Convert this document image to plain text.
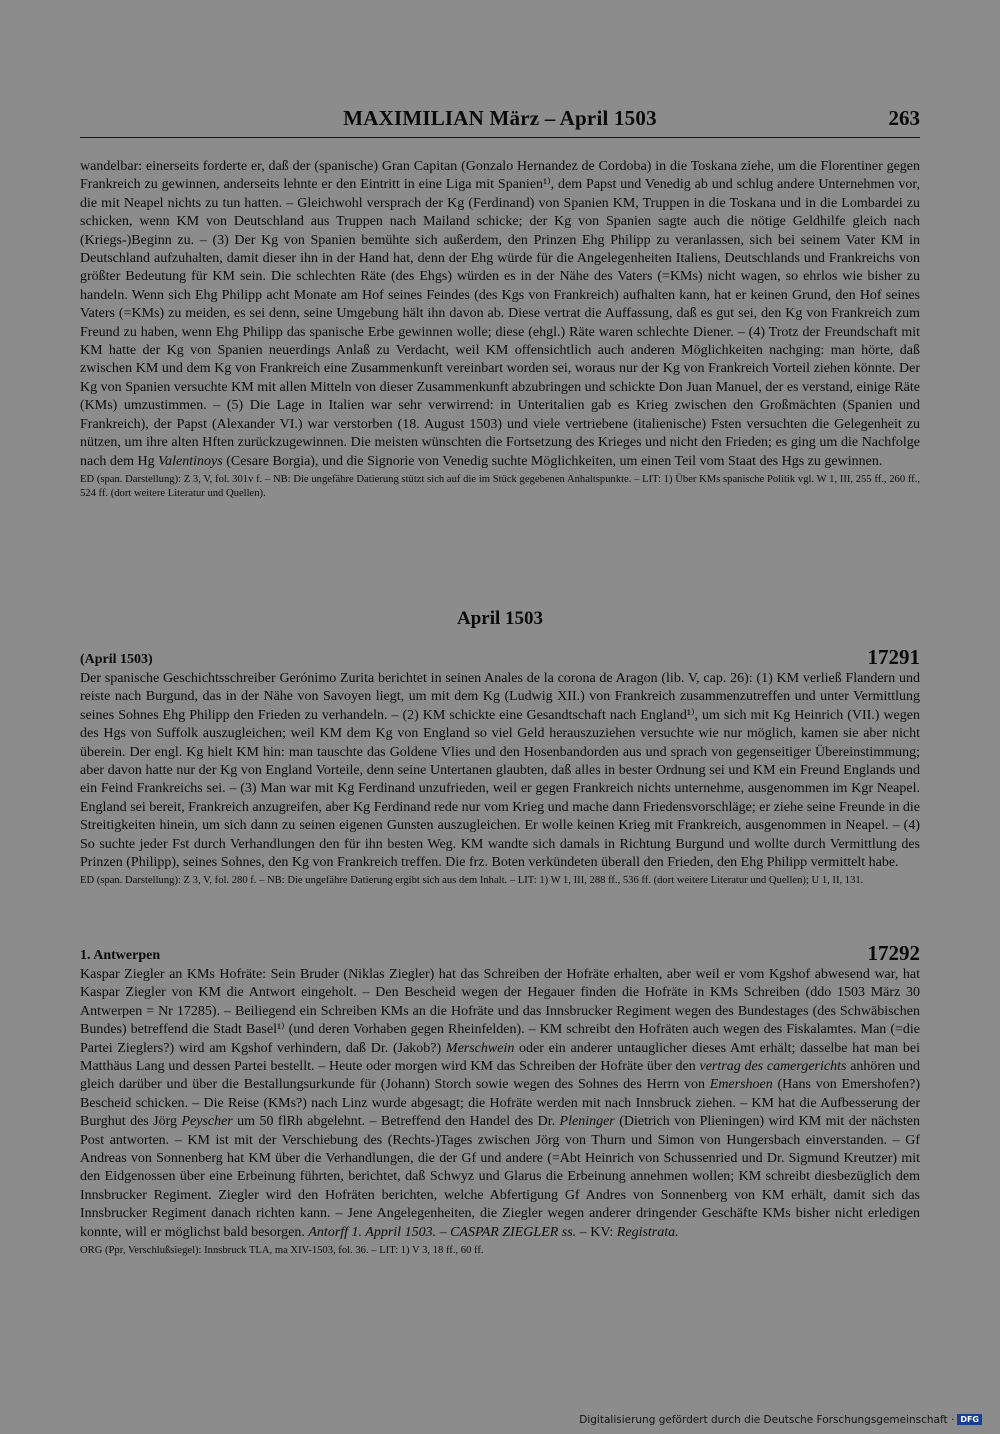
MAXIMILIAN März – April 1503	263

wandelbar: einerseits forderte er, daß der (spanische) Gran Capitan (Gonzalo Hernandez de Cordoba) in die Toskana ziehe, um die Florentiner gegen Frankreich zu gewinnen, anderseits lehnte er den Eintritt in eine Liga mit Spanien¹⁾, dem Papst und Venedig ab und schlug andere Unternehmen vor, die mit Neapel nichts zu tun hatten. – Gleichwohl versprach der Kg (Ferdinand) von Spanien KM, Truppen in die Toskana und in die Lombardei zu schicken, wenn KM von Deutschland aus Truppen nach Mailand schicke; der Kg von Spanien sagte auch die nötige Geldhilfe gleich nach (Kriegs-)Beginn zu. – (3) Der Kg von Spanien bemühte sich außerdem, den Prinzen Ehg Philipp zu veranlassen, sich bei seinem Vater KM in Deutschland aufzuhalten, damit dieser ihn in der Hand hat, denn der Ehg würde für die Angelegenheiten Italiens, Deutschlands und Frankreichs von größter Bedeutung für KM sein. Die schlechten Räte (des Ehgs) würden es in der Nähe des Vaters (=KMs) nicht wagen, so ehrlos wie bisher zu handeln. Wenn sich Ehg Philipp acht Monate am Hof seines Feindes (des Kgs von Frankreich) aufhalten kann, hat er keinen Grund, den Hof seines Vaters (=KMs) zu meiden, es sei denn, seine Umgebung hält ihn davon ab. Diese vertrat die Auffassung, daß es gut sei, den Kg von Frankreich zum Freund zu haben, wenn Ehg Philipp das spanische Erbe gewinnen wolle; diese (ehgl.) Räte waren schlechte Diener. – (4) Trotz der Freundschaft mit KM hatte der Kg von Spanien neuerdings Anlaß zu Verdacht, weil KM offensichtlich auch anderen Möglichkeiten nachging: man hörte, daß zwischen KM und dem Kg von Frankreich eine Zusammenkunft vereinbart worden sei, woraus nur der Kg von Frankreich Vorteil ziehen könnte. Der Kg von Spanien versuchte KM mit allen Mitteln von dieser Zusammenkunft abzubringen und schickte Don Juan Manuel, der es verstand, einige Räte (KMs) umzustimmen. – (5) Die Lage in Italien war sehr verwirrend: in Unteritalien gab es Krieg zwischen den Großmächten (Spanien und Frankreich), der Papst (Alexander VI.) war verstorben (18. August 1503) und viele vertriebene (italienische) Fsten versuchten die Gelegenheit zu nützen, um ihre alten Hften zurückzugewinnen. Die meisten wünschten die Fortsetzung des Krieges und nicht den Frieden; es ging um die Nachfolge nach dem Hg Valentinoys (Cesare Borgia), und die Signorie von Venedig suchte Möglichkeiten, um einen Teil vom Staat des Hgs zu gewinnen.

ED (span. Darstellung): Z 3, V, fol. 301v f. – NB: Die ungefähre Datierung stützt sich auf die im Stück gegebenen Anhaltspunkte. – LIT: 1) Über KMs spanische Politik vgl. W 1, III, 255 ff., 260 ff., 524 ff. (dort weitere Literatur und Quellen).

April 1503
(April 1503)	17291

Der spanische Geschichtsschreiber Gerónimo Zurita berichtet in seinen Anales de la corona de Aragon (lib. V, cap. 26): (1) KM verließ Flandern und reiste nach Burgund, das in der Nähe von Savoyen liegt, um mit dem Kg (Ludwig XII.) von Frankreich zusammenzutreffen und unter Vermittlung seines Sohnes Ehg Philipp den Frieden zu verhandeln. – (2) KM schickte eine Gesandtschaft nach England¹⁾, um sich mit Kg Heinrich (VII.) wegen des Hgs von Suffolk auszugleichen; weil KM dem Kg von England so viel Geld herauszuziehen versuchte wie nur möglich, kamen sie aber nicht überein. Der engl. Kg hielt KM hin: man tauschte das Goldene Vlies und den Hosenbandorden aus und sprach von gegenseitiger Übereinstimmung; aber davon hatte nur der Kg von England Vorteile, denn seine Untertanen glaubten, daß alles in bester Ordnung sei und KM ein Freund Englands und ein Feind Frankreichs sei. – (3) Man war mit Kg Ferdinand unzufrieden, weil er gegen Frankreich nichts unternehme, ausgenommen im Kgr Neapel. England sei bereit, Frankreich anzugreifen, aber Kg Ferdinand rede nur vom Krieg und mache dann Friedensvorschläge; er ziehe seine Freunde in die Streitigkeiten hinein, um sich dann zu seinen eigenen Gunsten auszugleichen. Er wolle keinen Krieg mit Frankreich, ausgenommen in Neapel. – (4) So suchte jeder Fst durch Verhandlungen den für ihn besten Weg. KM wandte sich damals in Richtung Burgund und wollte durch Vermittlung des Prinzen (Philipp), seines Sohnes, den Kg von Frankreich treffen. Die frz. Boten verkündeten überall den Frieden, den Ehg Philipp vermittelt habe.

ED (span. Darstellung): Z 3, V, fol. 280 f. – NB: Die ungefähre Datierung ergibt sich aus dem Inhalt. – LIT: 1) W 1, III, 288 ff., 536 ff. (dort weitere Literatur und Quellen); U 1, II, 131.

1. Antwerpen	17292

Kaspar Ziegler an KMs Hofräte: Sein Bruder (Niklas Ziegler) hat das Schreiben der Hofräte erhalten, aber weil er vom Kgshof abwesend war, hat Kaspar Ziegler von KM die Antwort eingeholt. – Den Bescheid wegen der Hegauer finden die Hofräte in KMs Schreiben (ddo 1503 März 30 Antwerpen = Nr 17285). – Beiliegend ein Schreiben KMs an die Hofräte und das Innsbrucker Regiment wegen des Bundestages (des Schwäbischen Bundes) betreffend die Stadt Basel¹⁾ (und deren Vorhaben gegen Rheinfelden). – KM schreibt den Hofräten auch wegen des Fiskalamtes. Man (=die Partei Zieglers?) wird am Kgshof verhindern, daß Dr. (Jakob?) Merschwein oder ein anderer untauglicher dieses Amt erhält; dasselbe hat man bei Matthäus Lang und dessen Partei bestellt. – Heute oder morgen wird KM das Schreiben der Hofräte über den vertrag des camergerichts anhören und gleich darüber und über die Bestallungsurkunde für (Johann) Storch sowie wegen des Sohnes des Herrn von Emershoen (Hans von Emershofen?) Bescheid schicken. – Die Reise (KMs?) nach Linz wurde abgesagt; die Hofräte werden mit nach Innsbruck ziehen. – KM hat die Aufbesserung der Burghut des Jörg Peyscher um 50 flRh abgelehnt. – Betreffend den Handel des Dr. Pleninger (Dietrich von Plieningen) wird KM mit der nächsten Post antworten. – KM ist mit der Verschiebung des (Rechts-)Tages zwischen Jörg von Thurn und Simon von Hungersbach einverstanden. – Gf Andreas von Sonnenberg hat KM über die Verhandlungen, die der Gf und andere (=Abt Heinrich von Schussenried und Dr. Sigmund Kreutzer) mit den Eidgenossen über eine Erbeinung führten, berichtet, daß Schwyz und Glarus die Erbeinung annehmen wollen; KM schreibt diesbezüglich dem Innsbrucker Regiment. Ziegler wird den Hofräten berichten, welche Abfertigung Gf Andres von Sonnenberg von KM erhält, damit sich das Innsbrucker Regiment danach richten kann. – Jene Angelegenheiten, die Ziegler wegen anderer dringender Geschäfte KMs bisher nicht erledigen konnte, will er möglichst bald besorgen. Antorff 1. Appril 1503. – CASPAR ZIEGLER ss. – KV: Registrata.

ORG (Ppr, Verschlußsiegel): Innsbruck TLA, ma XIV-1503, fol. 36. – LIT: 1) V 3, 18 ff., 60 ff.

Digitalisierung gefördert durch die Deutsche Forschungsgemeinschaft · DFG
